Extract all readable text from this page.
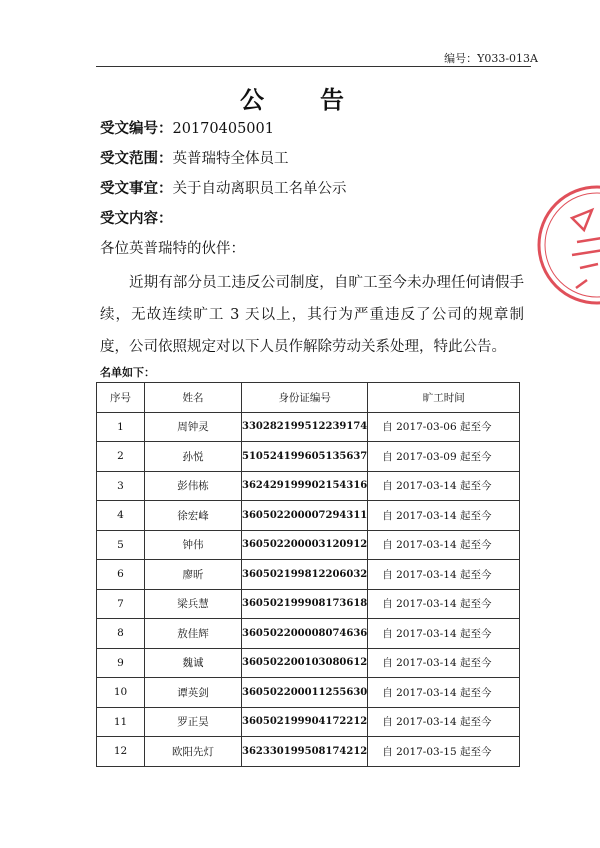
编号：Y033-013A
公　告
受文编号：20170405001
受文范围：英普瑞特全体员工
受文事宜：关于自动离职员工名单公示
受文内容：
各位英普瑞特的伙伴：

近期有部分员工违反公司制度，自旷工至今未办理任何请假手续，无故连续旷工 3 天以上，其行为严重违反了公司的规章制度，公司依照规定对以下人员作解除劳动关系处理，特此公告。

名单如下：
序号	姓名	身份证编号	旷工时间
1	周钟灵	330282199512239174	自 2017-03-06 起至今
2	孙悦	510524199605135637	自 2017-03-09 起至今
3	彭伟栋	362429199902154316	自 2017-03-14 起至今
4	徐宏峰	360502200007294311	自 2017-03-14 起至今
5	钟伟	360502200003120912	自 2017-03-14 起至今
6	廖昕	360502199812206032	自 2017-03-14 起至今
7	梁兵慧	360502199908173618	自 2017-03-14 起至今
8	敖佳辉	360502200008074636	自 2017-03-14 起至今
9	魏诚	360502200103080612	自 2017-03-14 起至今
10	谭英剑	360502200011255630	自 2017-03-14 起至今
11	罗正昊	360502199904172212	自 2017-03-14 起至今
12	欧阳先灯	362330199508174212	自 2017-03-15 起至今
